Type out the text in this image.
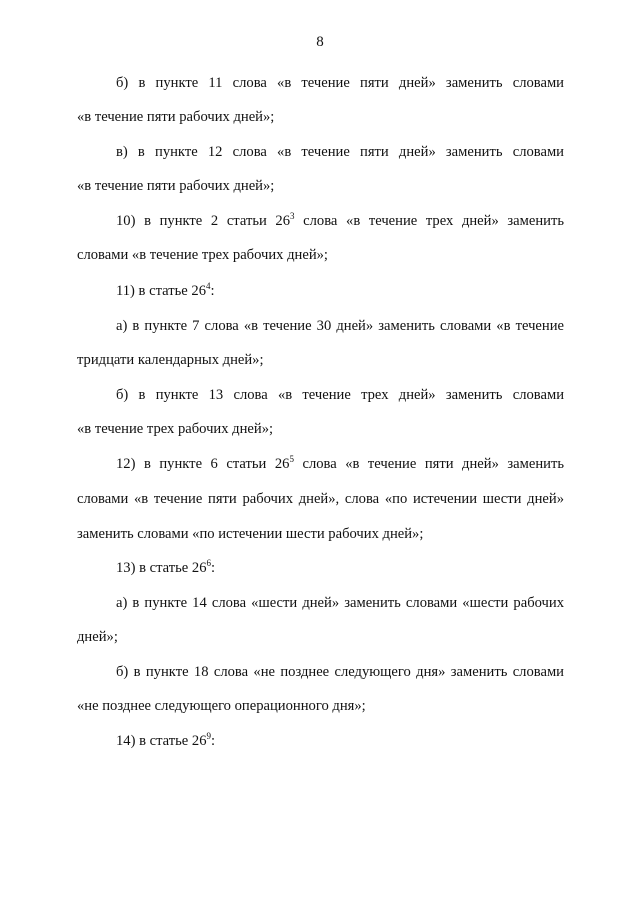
8
б) в пункте 11 слова «в течение пяти дней» заменить словами
«в течение пяти рабочих дней»;
в) в пункте 12 слова «в течение пяти дней» заменить словами
«в течение пяти рабочих дней»;
10) в пункте 2 статьи $26^3$ слова «в течение трех дней» заменить
словами «в течение трех рабочих дней»;
11) в статье $26^4$:
а) в пункте 7 слова «в течение 30 дней» заменить словами «в течение
тридцати календарных дней»;
б) в пункте 13 слова «в течение трех дней» заменить словами
«в течение трех рабочих дней»;
12) в пункте 6 статьи $26^5$ слова «в течение пяти дней» заменить
словами «в течение пяти рабочих дней», слова «по истечении шести дней»
заменить словами «по истечении шести рабочих дней»;
13) в статье $26^6$:
а) в пункте 14 слова «шести дней» заменить словами «шести рабочих
дней»;
б) в пункте 18 слова «не позднее следующего дня» заменить словами
«не позднее следующего операционного дня»;
14) в статье $26^9$:
